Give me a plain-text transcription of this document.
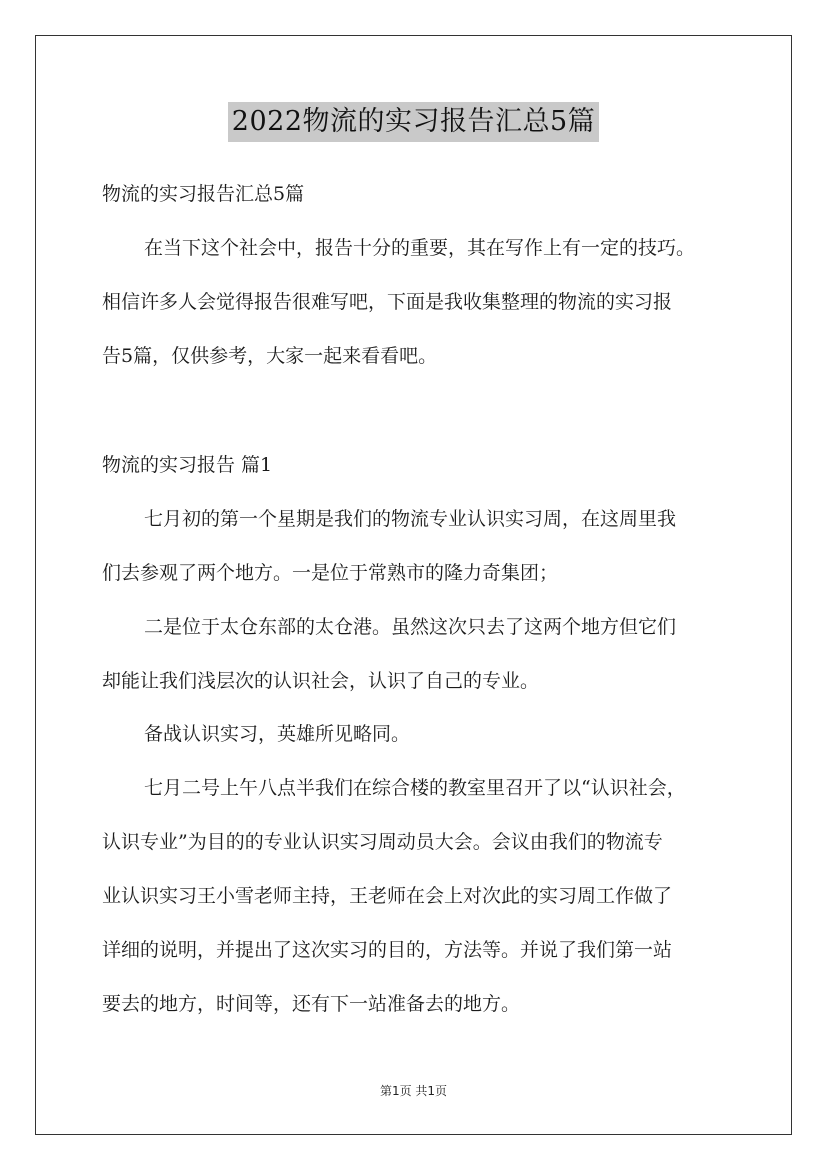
2022物流的实习报告汇总5篇
物流的实习报告汇总5篇
在当下这个社会中，报告十分的重要，其在写作上有一定的技巧。
相信许多人会觉得报告很难写吧，下面是我收集整理的物流的实习报
告5篇，仅供参考，大家一起来看看吧。
物流的实习报告 篇1
七月初的第一个星期是我们的物流专业认识实习周，在这周里我
们去参观了两个地方。一是位于常熟市的隆力奇集团；
二是位于太仓东部的太仓港。虽然这次只去了这两个地方但它们
却能让我们浅层次的认识社会，认识了自己的专业。
备战认识实习，英雄所见略同。
七月二号上午八点半我们在综合楼的教室里召开了以“认识社会，
认识专业”为目的的专业认识实习周动员大会。会议由我们的物流专
业认识实习王小雪老师主持，王老师在会上对次此的实习周工作做了
详细的说明，并提出了这次实习的目的，方法等。并说了我们第一站
要去的地方，时间等，还有下一站准备去的地方。
第1页 共1页
